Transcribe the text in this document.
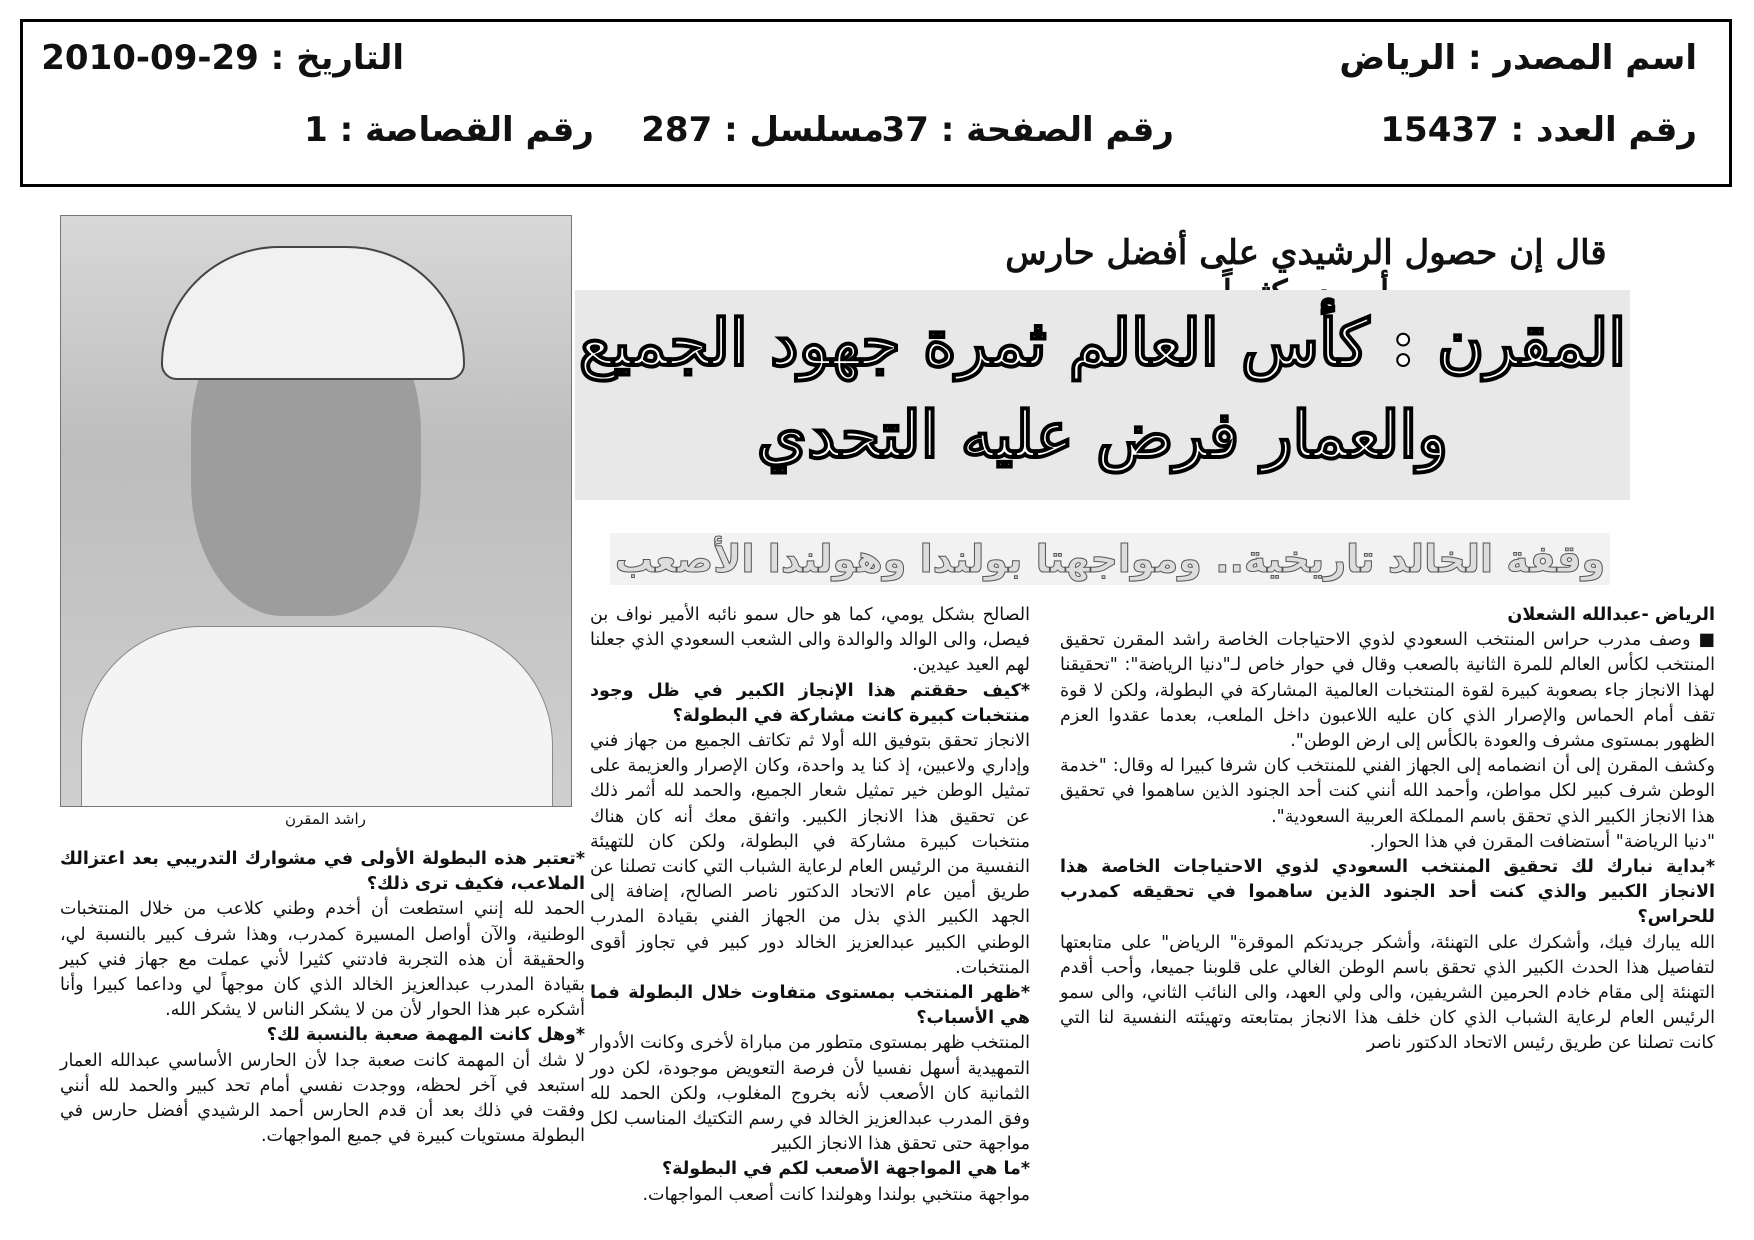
اسم المصدر : الرياض
التاريخ : 29-09-2010
رقم العدد : 15437
رقم الصفحة : 37
مسلسل : 287
رقم القصاصة : 1
قال إن حصول الرشيدي على أفضل حارس
المقرن : كأس العالم ثمرة جهود الجميع
والعمار فرض عليه التحدي
وقفة الخالد تاريخية.. ومواجهتا بولندا وهولندا الأصعب
راشد المقرن

الرياض -عبدالله الشعلان

■ وصف مدرب حراس المنتخب السعودي لذوي الاحتياجات الخاصة راشد المقرن تحقيق المنتخب لكأس العالم للمرة الثانية بالصعب وقال في حوار خاص لـ"دنيا الرياضة": "تحقيقنا لهذا الانجاز جاء بصعوبة كبيرة لقوة المنتخبات العالمية المشاركة في البطولة، ولكن لا قوة تقف أمام الحماس والإصرار الذي كان عليه اللاعبون داخل الملعب، بعدما عقدوا العزم الظهور بمستوى مشرف والعودة بالكأس إلى ارض الوطن".

وكشف المقرن إلى أن انضمامه إلى الجهاز الفني للمنتخب كان شرفا كبيرا له وقال: "خدمة الوطن شرف كبير لكل مواطن، وأحمد الله أنني كنت أحد الجنود الذين ساهموا في تحقيق هذا الانجاز الكبير الذي تحقق باسم المملكة العربية السعودية".

"دنيا الرياضة" أستضافت المقرن في هذا الحوار.

*بداية نبارك لك تحقيق المنتخب السعودي لذوي الاحتياجات الخاصة هذا الانجاز الكبير والذي كنت أحد الجنود الذين ساهموا في تحقيقه كمدرب للحراس؟

الله يبارك فيك، وأشكرك على التهنئة، وأشكر جريدتكم الموقرة" الرياض" على متابعتها لتفاصيل هذا الحدث الكبير الذي تحقق باسم الوطن الغالي على قلوبنا جميعا، وأحب أقدم التهنئة إلى مقام خادم الحرمين الشريفين، والى ولي العهد، والى النائب الثاني، والى سمو الرئيس العام لرعاية الشباب الذي كان خلف هذا الانجاز بمتابعته وتهيئته النفسية لنا التي كانت تصلنا عن طريق رئيس الاتحاد الدكتور ناصر

الصالح بشكل يومي، كما هو حال سمو نائبه الأمير نواف بن فيصل، والى الوالد والوالدة والى الشعب السعودي الذي جعلنا لهم العيد عيدين.

*كيف حققتم هذا الإنجاز الكبير في ظل وجود منتخبات كبيرة كانت مشاركة في البطولة؟

الانجاز تحقق بتوفيق الله أولا ثم تكاتف الجميع من جهاز فني وإداري ولاعبين، إذ كنا يد واحدة، وكان الإصرار والعزيمة على تمثيل الوطن خير تمثيل شعار الجميع، والحمد لله أثمر ذلك عن تحقيق هذا الانجاز الكبير. واتفق معك أنه كان هناك منتخبات كبيرة مشاركة في البطولة، ولكن كان للتهيئة النفسية من الرئيس العام لرعاية الشباب التي كانت تصلنا عن طريق أمين عام الاتحاد الدكتور ناصر الصالح، إضافة إلى الجهد الكبير الذي بذل من الجهاز الفني بقيادة المدرب الوطني الكبير عبدالعزيز الخالد دور كبير في تجاوز أقوى المنتخبات.

*ظهر المنتخب بمستوى متفاوت خلال البطولة فما هي الأسباب؟

المنتخب ظهر بمستوى متطور من مباراة لأخرى وكانت الأدوار التمهيدية أسهل نفسيا لأن فرصة التعويض موجودة، لكن دور الثمانية كان الأصعب لأنه بخروج المغلوب، ولكن الحمد لله وفق المدرب عبدالعزيز الخالد في رسم التكتيك المناسب لكل مواجهة حتى تحقق هذا الانجاز الكبير

*ما هي المواجهة الأصعب لكم في البطولة؟

مواجهة منتخبي بولندا وهولندا كانت أصعب المواجهات.

*تعتبر هذه البطولة الأولى في مشوارك التدريبي بعد اعتزالك الملاعب، فكيف ترى ذلك؟

الحمد لله إنني استطعت أن أخدم وطني كلاعب من خلال المنتخبات الوطنية، والآن أواصل المسيرة كمدرب، وهذا شرف كبير بالنسبة لي، والحقيقة أن هذه التجربة فادتني كثيرا لأني عملت مع جهاز فني كبير بقيادة المدرب عبدالعزيز الخالد الذي كان موجهاً لي وداعما كبيرا وأنا أشكره عبر هذا الحوار لأن من لا يشكر الناس لا يشكر الله.

*وهل كانت المهمة صعبة بالنسبة لك؟

لا شك أن المهمة كانت صعبة جدا لأن الحارس الأساسي عبدالله العمار استبعد في آخر لحظه، ووجدت نفسي أمام تحد كبير والحمد لله أنني وفقت في ذلك بعد أن قدم الحارس أحمد الرشيدي أفضل حارس في البطولة مستويات كبيرة في جميع المواجهات.
